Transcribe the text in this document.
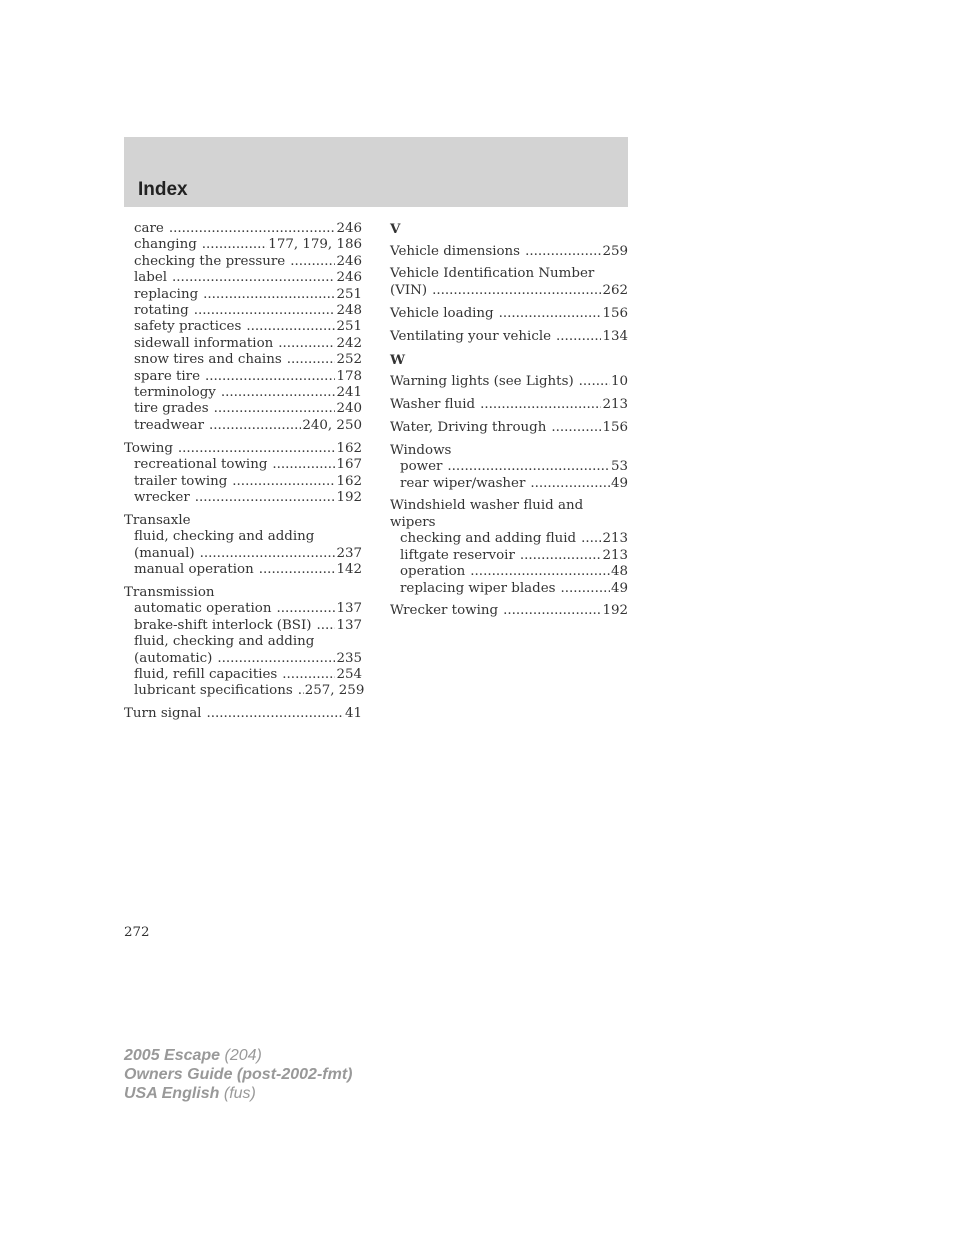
Index
care .....	246
changing .....	177, 179, 186
checking the pressure .....	246
label .....	246
replacing .....	251
rotating .....	248
safety practices .....	251
sidewall information .....	242
snow tires and chains .....	252
spare tire .....	178
terminology .....	241
tire grades .....	240
treadwear .....	240, 250
Towing .....	162
recreational towing .....	167
trailer towing .....	162
wrecker .....	192
Transaxle
fluid, checking and adding
(manual) .....	237
manual operation .....	142
Transmission
automatic operation .....	137
brake-shift interlock (BSI) ..... 137
fluid, checking and adding
(automatic) .....	235
fluid, refill capacities .....	254
lubricant specifications ..... 257, 259
Turn signal .....	41
V
Vehicle dimensions .....	259
Vehicle Identification Number
(VIN) .....	262
Vehicle loading .....	156
Ventilating your vehicle .....	134
W
Warning lights (see Lights) .....	10
Washer fluid .....	213
Water, Driving through .....	156
Windows
power .....	53
rear wiper/washer .....	49
Windshield washer fluid and
wipers
checking and adding fluid ..... 213
liftgate reservoir .....	213
operation .....	48
replacing wiper blades .....	49
Wrecker towing .....	192
272
2005 Escape (204)
Owners Guide (post-2002-fmt)
USA English (fus)
